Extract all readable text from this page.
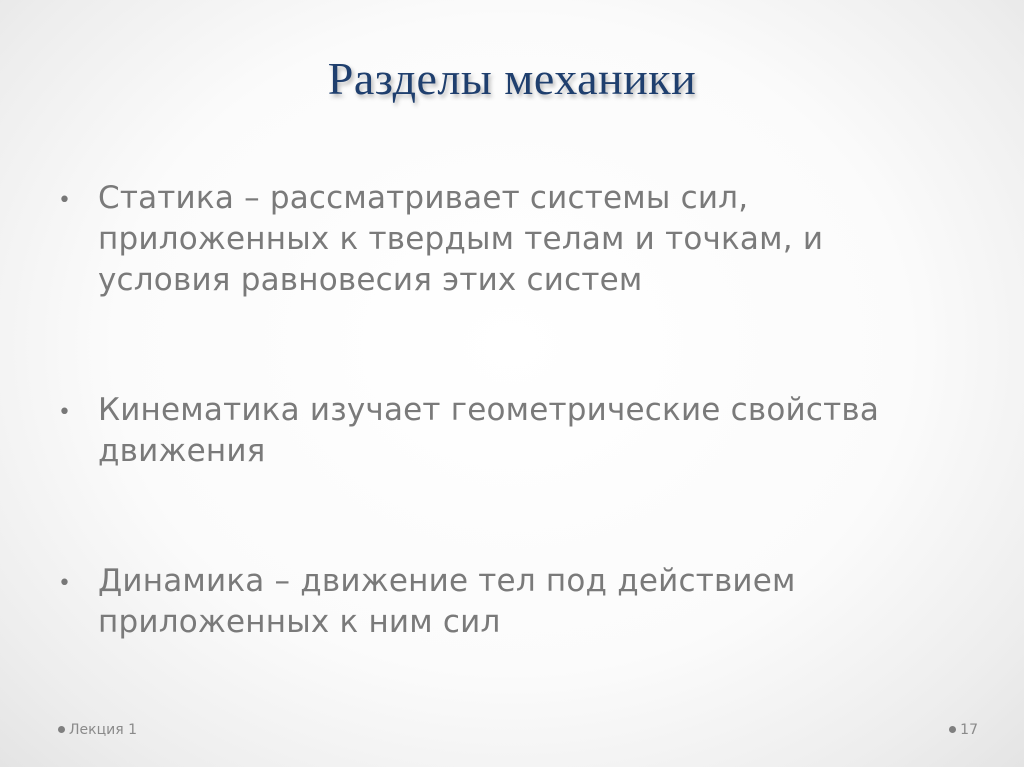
Разделы механики
• Статика – рассматривает системы сил,
приложенных к твердым телам и точкам, и
условия равновесия этих систем
• Кинематика изучает геометрические свойства
движения
• Динамика – движение тел под действием
приложенных к ним сил
Лекция 1	17
